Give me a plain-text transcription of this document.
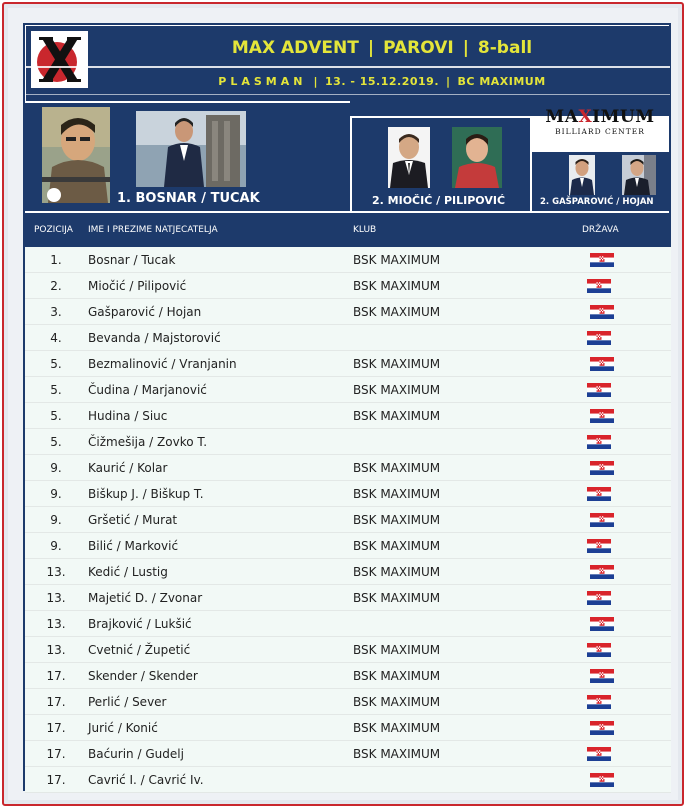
MAX ADVENT | PAROVI | 8-ball
PLASMAN | 13. - 15.12.2019. | BC MAXIMUM
1. BOSNAR / TUCAK
MAXIMUM
BILLIARD CENTER
2. MIOČIĆ / PILIPOVIĆ	2. GAŠPAROVIĆ / HOJAN
POZICIJA IME I PREZIME NATJECATELJA	KLUB	DRŽAVA
1.	Bosnar / Tucak	BSK MAXIMUM
2.	Miočić / Pilipović	BSK MAXIMUM
3.	Gašparović / Hojan	BSK MAXIMUM
4.	Bevanda / Majstorović
5.	Bezmalinović / Vranjanin	BSK MAXIMUM
5.	Čudina / Marjanović	BSK MAXIMUM
5.	Hudina / Siuc	BSK MAXIMUM
5.	Čižmešija / Zovko T.
9.	Kaurić / Kolar	BSK MAXIMUM
9.	Biškup J. / Biškup T.	BSK MAXIMUM
9.	Gršetić / Murat	BSK MAXIMUM
9.	Bilić / Marković	BSK MAXIMUM
13.	Kedić / Lustig	BSK MAXIMUM
13.	Majetić D. / Zvonar	BSK MAXIMUM
13.	Brajković / Lukšić
13.	Cvetnić / Župetić	BSK MAXIMUM
17.	Skender / Skender	BSK MAXIMUM
17.	Perlić / Sever	BSK MAXIMUM
17.	Jurić / Konić	BSK MAXIMUM
17.	Baćurin / Gudelj	BSK MAXIMUM
17.	Cavrić I. / Cavrić Iv.
